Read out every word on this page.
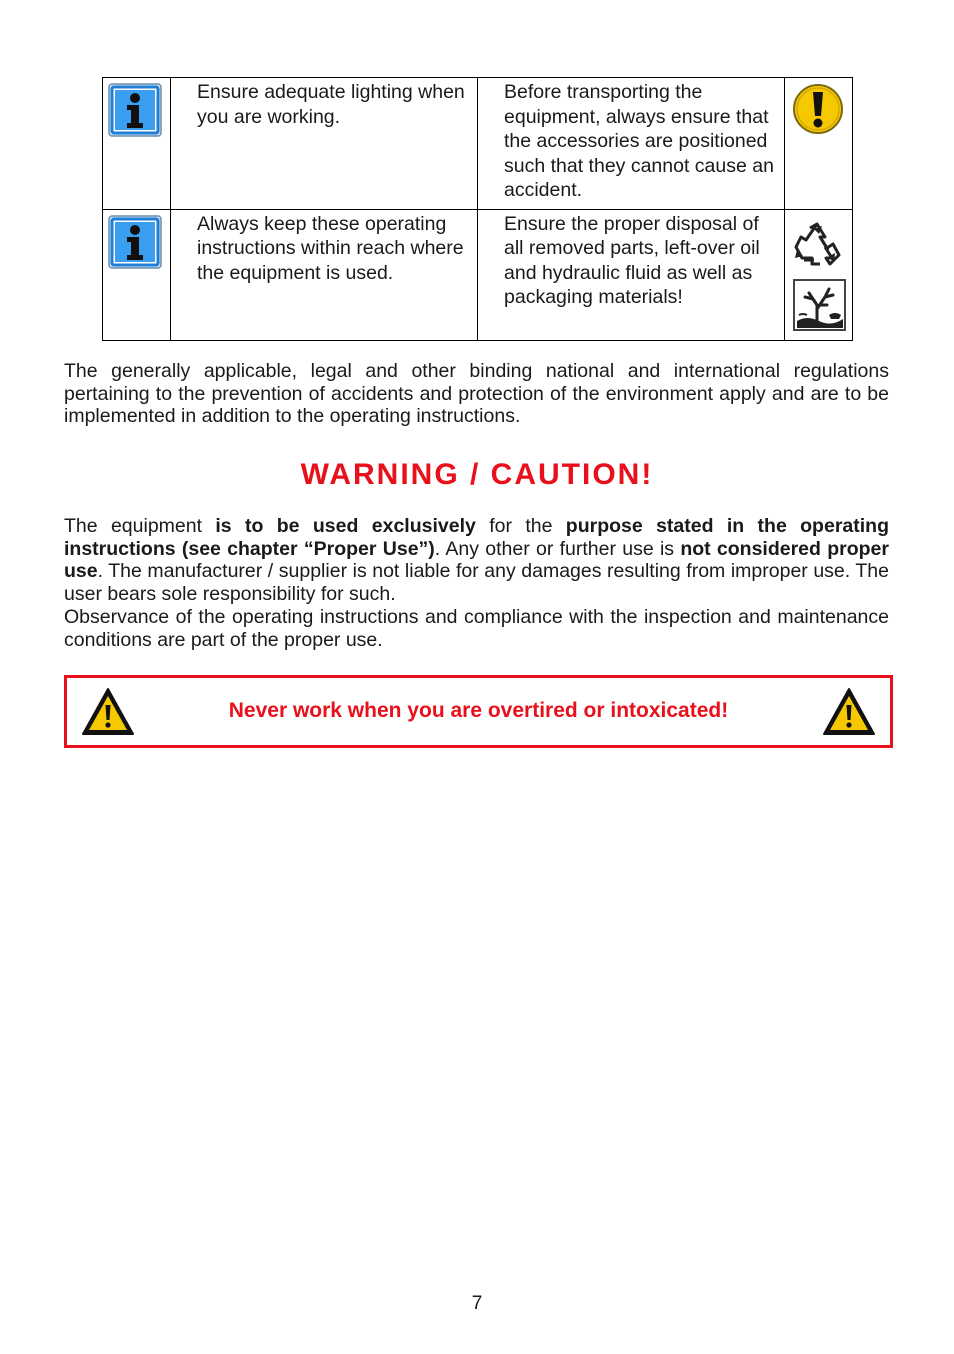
Ensure adequate lighting when you are working.	Before transporting the equipment, always ensure that the accessories are positioned such that they cannot cause an accident.

Always keep these operating instructions within reach where the equipment is used.	Ensure the proper disposal of all removed parts, left-over oil and hydraulic fluid as well as packaging materials!

The generally applicable, legal and other binding national and international regulations pertaining to the prevention of accidents and protection of the environment apply and are to be implemented in addition to the operating instructions.

WARNING / CAUTION!

The equipment is to be used exclusively for the purpose stated in the operating instructions (see chapter “Proper Use”). Any other or further use is not considered proper use. The manufacturer / supplier is not liable for any damages resulting from improper use. The user bears sole responsibility for such.

Observance of the operating instructions and compliance with the inspection and maintenance conditions are part of the proper use.

Never work when you are overtired or intoxicated!
7
